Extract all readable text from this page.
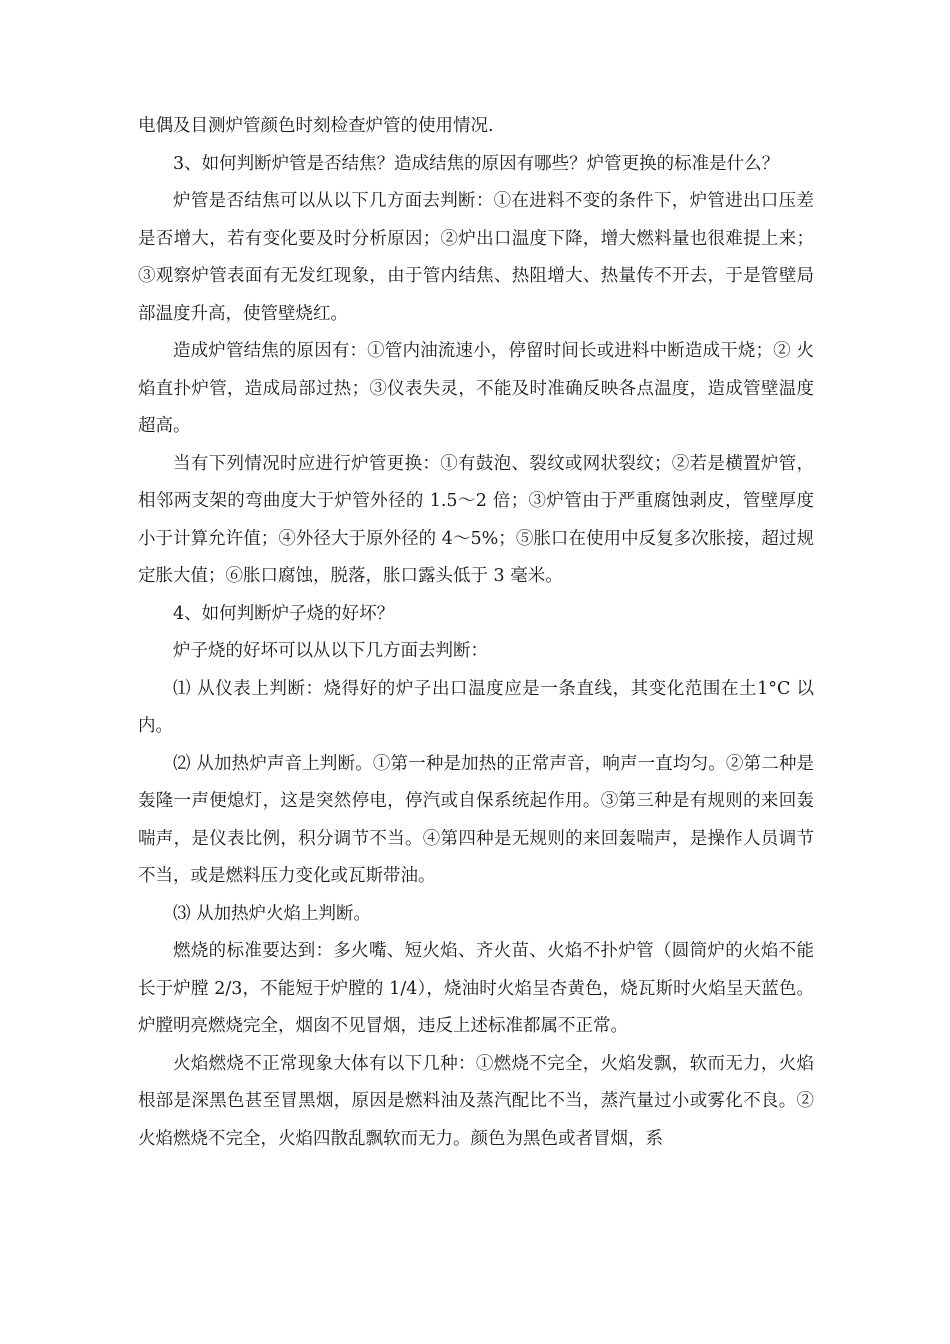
电偶及目测炉管颜色时刻检查炉管的使用情况.

3、如何判断炉管是否结焦？造成结焦的原因有哪些？炉管更换的标准是什么？

炉管是否结焦可以从以下几方面去判断：①在进料不变的条件下，炉管进出口压差是否增大，若有变化要及时分析原因；②炉出口温度下降，增大燃料量也很难提上来；③观察炉管表面有无发红现象，由于管内结焦、热阻增大、热量传不开去，于是管壁局部温度升高，使管壁烧红。

造成炉管结焦的原因有：①管内油流速小，停留时间长或进料中断造成干烧；② 火焰直扑炉管，造成局部过热；③仪表失灵，不能及时准确反映各点温度，造成管壁温度超高。

当有下列情况时应进行炉管更换：①有鼓泡、裂纹或网状裂纹；②若是横置炉管，相邻两支架的弯曲度大于炉管外径的 1.5～2 倍；③炉管由于严重腐蚀剥皮，管壁厚度小于计算允许值；④外径大于原外径的 4～5%；⑤胀口在使用中反复多次胀接，超过规定胀大值；⑥胀口腐蚀，脱落，胀口露头低于 3 毫米。

4、如何判断炉子烧的好坏？

炉子烧的好坏可以从以下几方面去判断：

⑴ 从仪表上判断：烧得好的炉子出口温度应是一条直线，其变化范围在土1°C 以内。

⑵ 从加热炉声音上判断。①第一种是加热的正常声音，响声一直均匀。②第二种是轰隆一声便熄灯，这是突然停电，停汽或自保系统起作用。③第三种是有规则的来回轰喘声，是仪表比例，积分调节不当。④第四种是无规则的来回轰喘声，是操作人员调节不当，或是燃料压力变化或瓦斯带油。

⑶ 从加热炉火焰上判断。

燃烧的标准要达到：多火嘴、短火焰、齐火苗、火焰不扑炉管（圆筒炉的火焰不能长于炉膛 2/3，不能短于炉膛的 1/4），烧油时火焰呈杏黄色，烧瓦斯时火焰呈天蓝色。炉膛明亮燃烧完全，烟囱不见冒烟，违反上述标准都属不正常。

火焰燃烧不正常现象大体有以下几种：①燃烧不完全，火焰发飘，软而无力，火焰根部是深黑色甚至冒黑烟，原因是燃料油及蒸汽配比不当，蒸汽量过小或雾化不良。②火焰燃烧不完全，火焰四散乱飘软而无力。颜色为黑色或者冒烟，系
